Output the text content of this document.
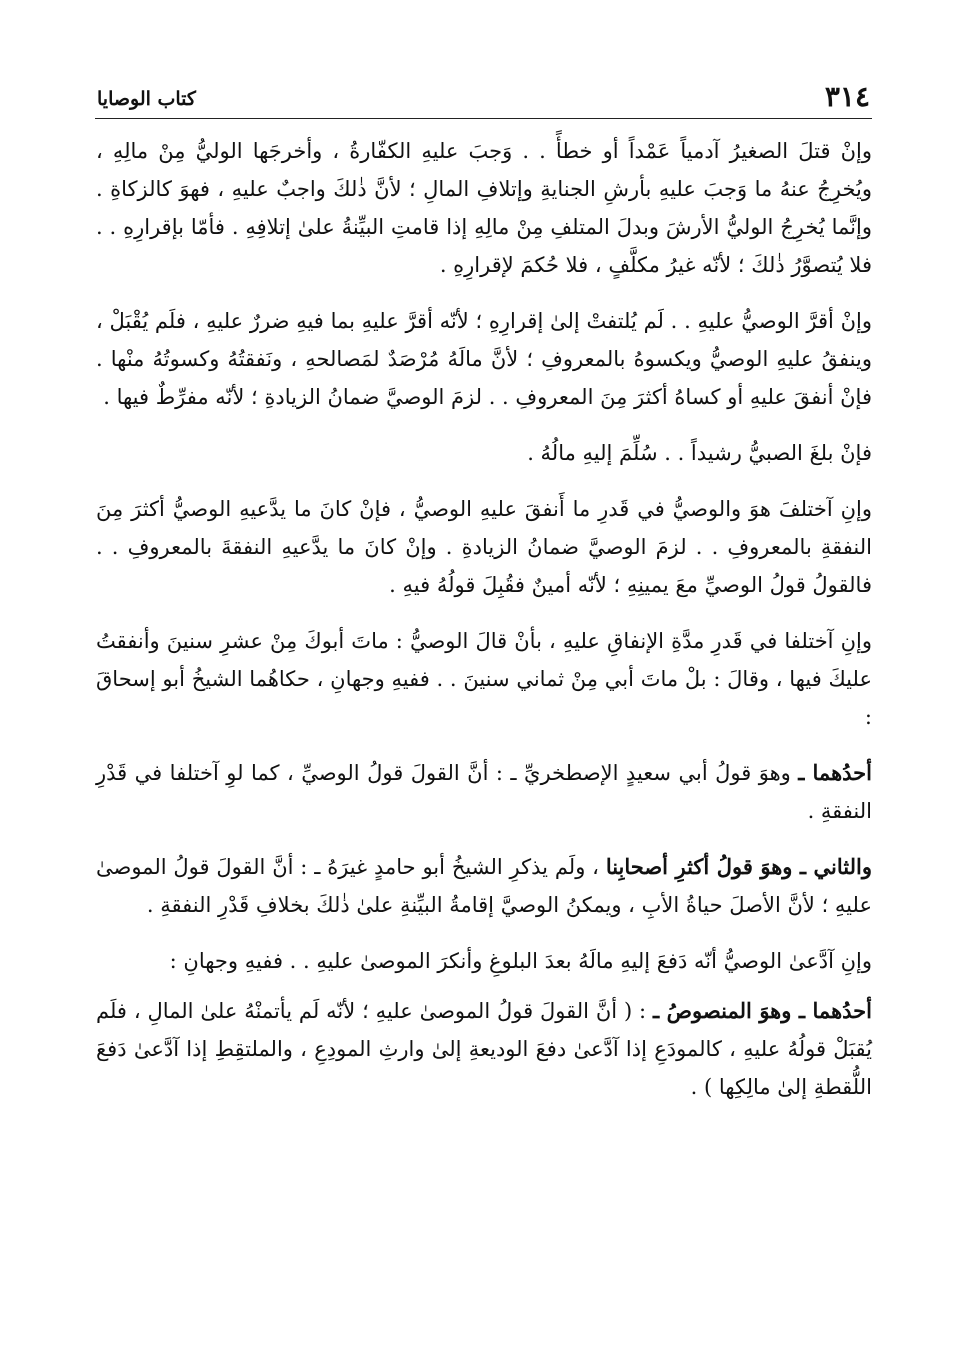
٣١٤
كتاب الوصايا

وإنْ قتلَ الصغيرُ آدمياً عَمْداً أو خطأً . . وَجبَ عليهِ الكفّارةُ ، وأخرجَها الوليُّ مِنْ مالِهِ ، ويُخرِجُ عنهُ ما وَجبَ عليهِ بأرشِ الجنايةِ وإتلافِ المالِ ؛ لأنَّ ذٰلكَ واجبٌ عليهِ ، فهوَ كالزكاةِ . وإنَّما يُخرِجُ الوليُّ الأرشَ وبدلَ المتلفِ مِنْ مالِهِ إذا قامتِ البيِّنةُ علىٰ إتلافِهِ . فأمّا بإقرارِهِ . . فلا يُتصوَّرُ ذٰلكَ ؛ لأنّه غيرُ مكلَّفٍ ، فلا حُكمَ لإقرارِهِ .

وإنْ أقرَّ الوصيُّ عليهِ . . لَم يُلتفتْ إلىٰ إقرارِهِ ؛ لأنّه أقرَّ عليهِ بما فيهِ ضررٌ عليهِ ، فلَم يُقْبَلْ ، وينفقُ عليهِ الوصيُّ ويكسوهُ بالمعروفِ ؛ لأنَّ مالَهُ مُرْصَدٌ لمَصالحهِ ، ونَفقتُهُ وكسوتُهُ منْها . فإنْ أنفقَ عليهِ أو كساهُ أكثرَ مِنَ المعروفِ . . لزمَ الوصيَّ ضمانُ الزيادةِ ؛ لأنّه مفرِّطٌ فيها .

فإنْ بلغَ الصبيُّ رشيداً . . سُلِّمَ إليهِ مالُهُ .

وإنِ آختلفَ هوَ والوصيُّ في قَدرِ ما أَنفقَ عليهِ الوصيُّ ، فإنْ كانَ ما يدَّعيهِ الوصيُّ أكثرَ مِنَ النفقةِ بالمعروفِ . . لزمَ الوصيَّ ضمانُ الزيادةِ . وإنْ كانَ ما يدَّعيهِ النفقةَ بالمعروفِ . . فالقولُ قولُ الوصيِّ معَ يمينِهِ ؛ لأنّه أمينٌ فقُبِلَ قولُهُ فيهِ .

وإنِ آختلفا في قَدرِ مدَّةِ الإنفاقِ عليهِ ، بأنْ قالَ الوصيُّ : ماتَ أبوكَ مِنْ عشرِ سنينَ وأنفقتُ عليكَ فيها ، وقالَ : بلْ ماتَ أبي مِنْ ثماني سنينَ . . ففيهِ وجهانِ ، حكاهُما الشيخُ أبو إسحاقَ :

أحدُهما ـ وهوَ قولُ أبي سعيدٍ الإصطخريِّ ـ : أنَّ القولَ قولُ الوصيِّ ، كما لوِ آختلفا في قَدْرِ النفقةِ .

والثاني ـ وهوَ قولُ أكثرِ أصحابِنا ، ولَم يذكرِ الشيخُ أبو حامدٍ غيرَهُ ـ : أنَّ القولَ قولُ الموصىٰ عليهِ ؛ لأنَّ الأصلَ حياةُ الأبِ ، ويمكنُ الوصيَّ إقامةُ البيِّنةِ علىٰ ذٰلكَ بخلافِ قَدْرِ النفقةِ .

وإنِ آدَّعىٰ الوصيُّ أنّه دَفعَ إليهِ مالَهُ بعدَ البلوغِ وأنكرَ الموصىٰ عليهِ . . ففيهِ وجهانِ :

أحدُهما ـ وهوَ المنصوصُ ـ : ( أنَّ القولَ قولُ الموصىٰ عليهِ ؛ لأنّه لَم يأتمنْهُ علىٰ المالِ ، فلَم يُقبَلْ قولُهُ عليهِ ، كالمودَعِ إذا آدَّعىٰ دفعَ الوديعةِ إلىٰ وارثِ المودِعِ ، والملتقِطِ إذا آدَّعىٰ دَفعَ اللُّقطةِ إلىٰ مالِكِها ) .
